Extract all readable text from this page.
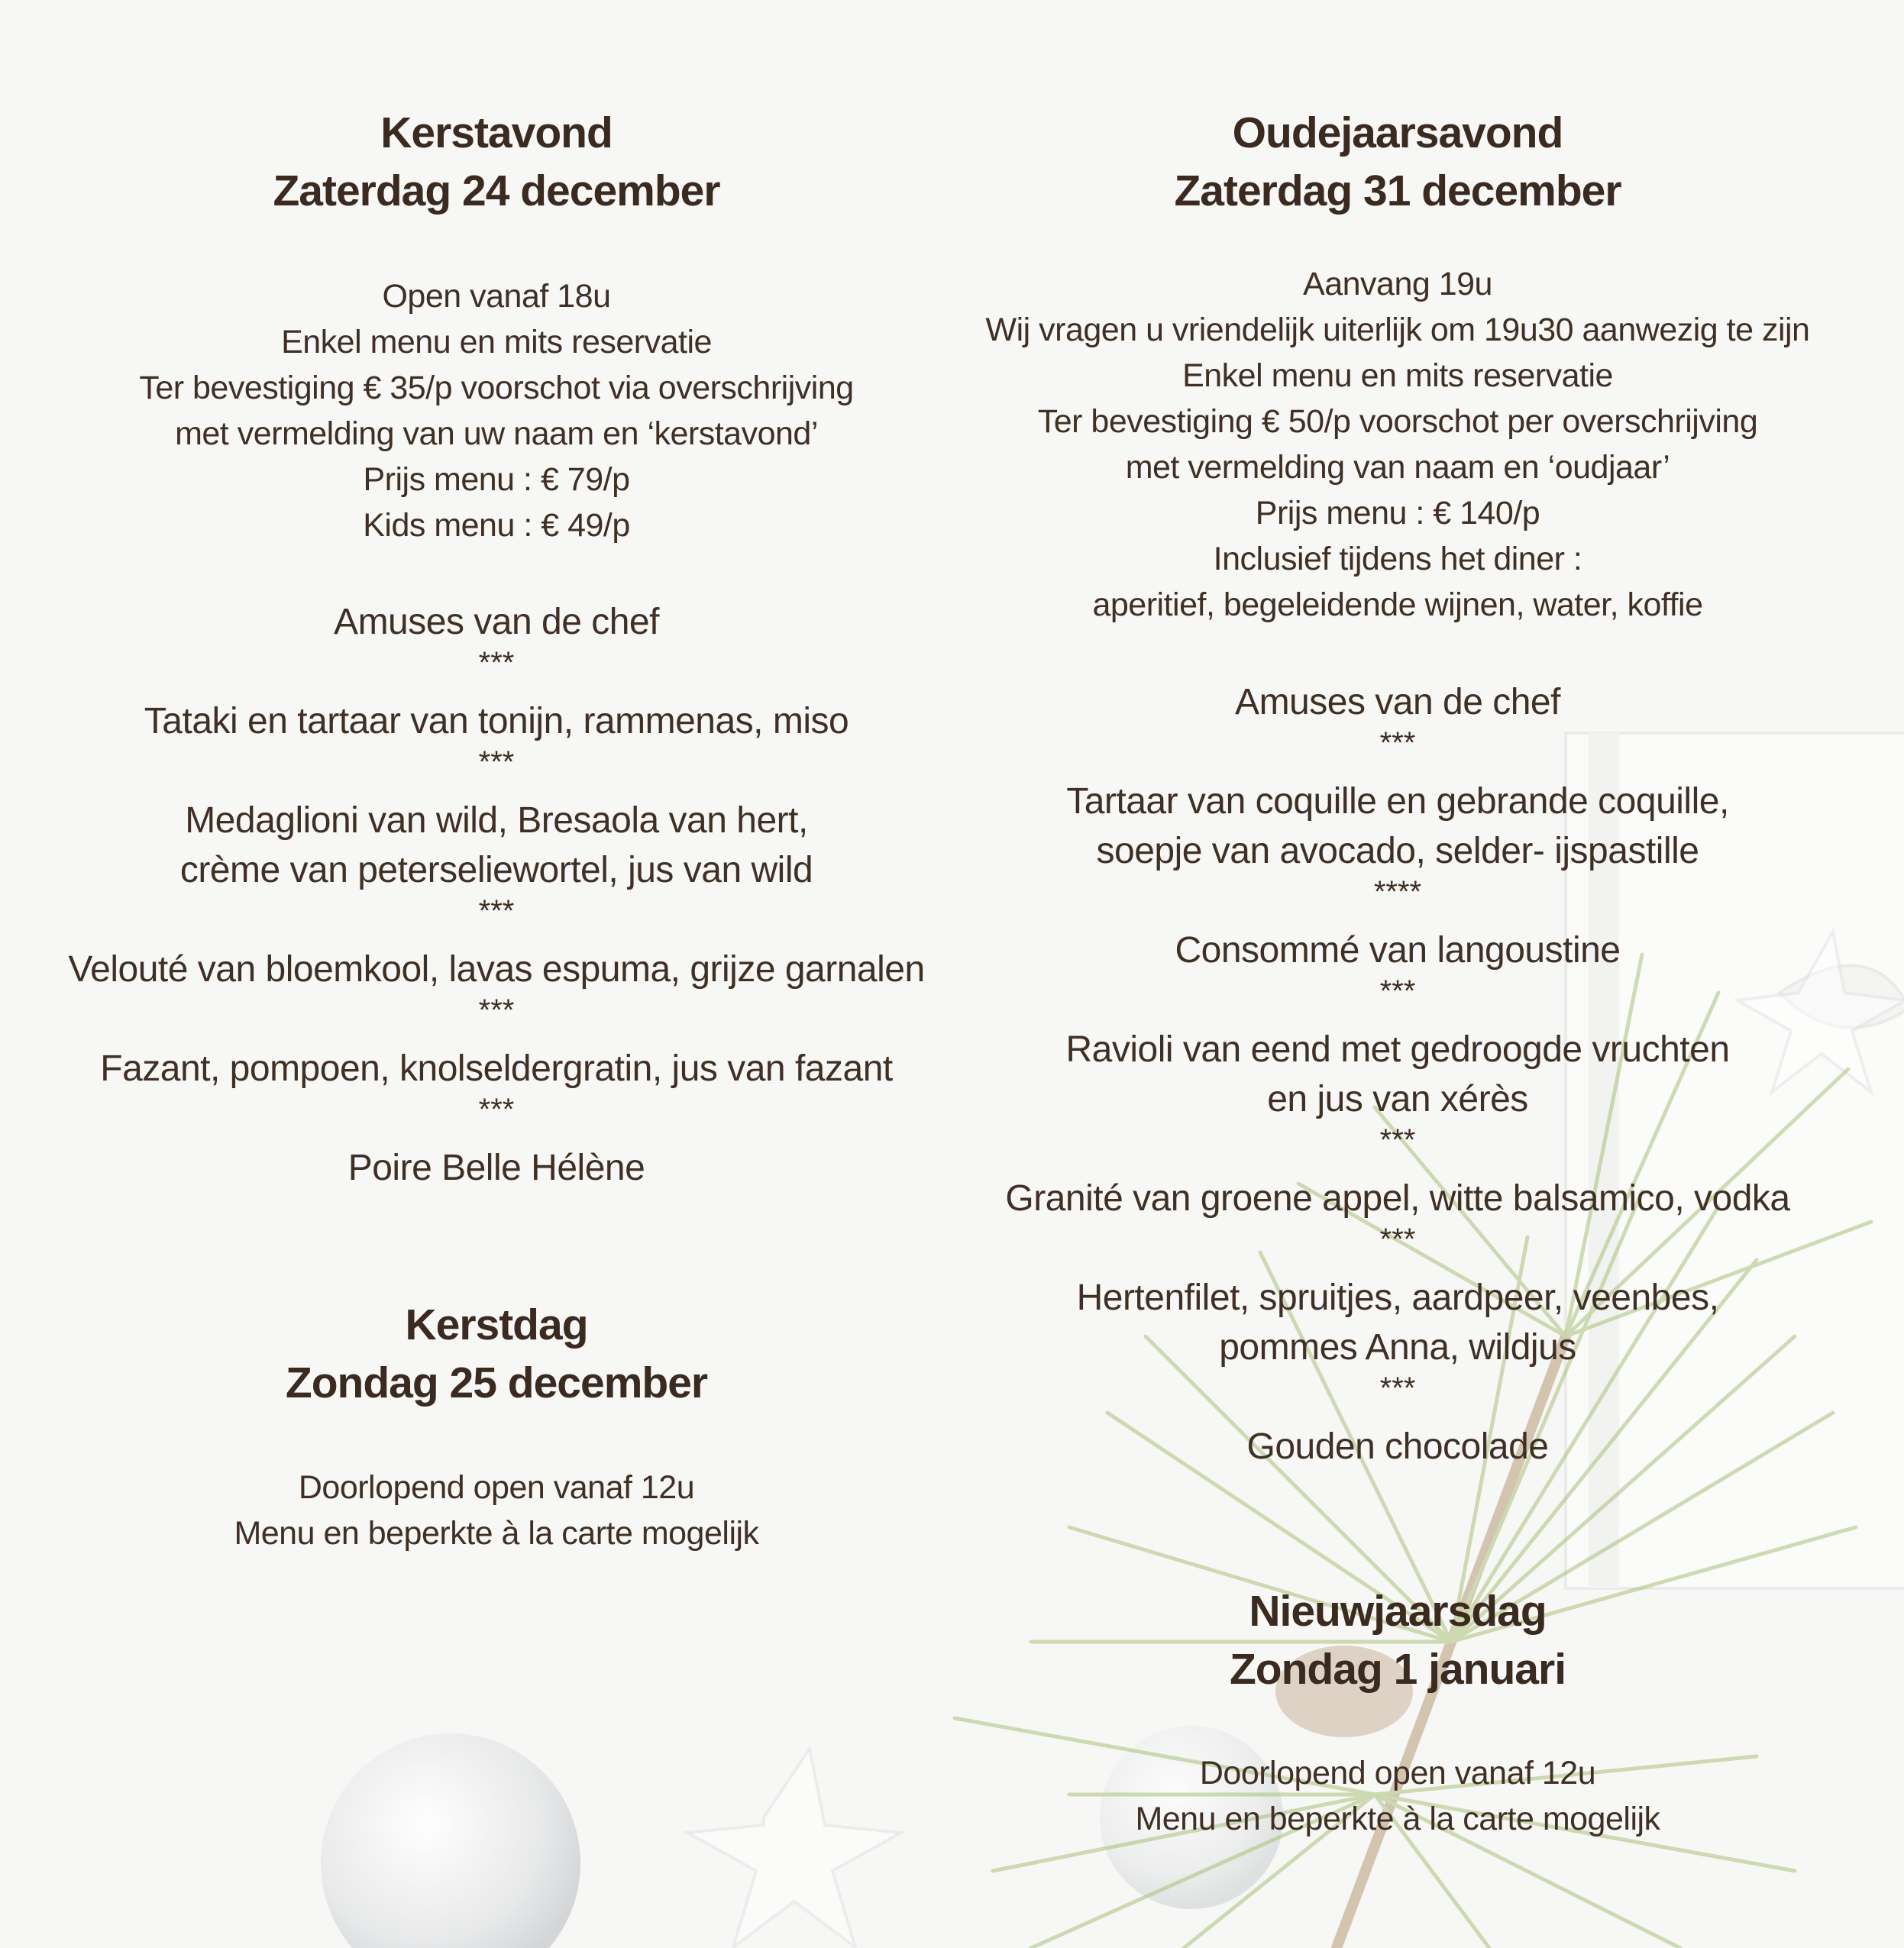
Kerstavond
Zaterdag 24 december
Open vanaf 18u
Enkel menu en mits reservatie
Ter bevestiging € 35/p voorschot via overschrijving
met vermelding van uw naam en ‘kerstavond’
Prijs menu : € 79/p
Kids menu : € 49/p
Amuses van de chef
***
Tataki en tartaar van tonijn, rammenas, miso
***
Medaglioni van wild, Bresaola van hert,
crème van peterseliewortel, jus van wild
***
Velouté van bloemkool, lavas espuma, grijze garnalen
***
Fazant, pompoen, knolseldergratin, jus van fazant
***
Poire Belle Hélène
Kerstdag
Zondag 25 december
Doorlopend open vanaf 12u
Menu en beperkte à la carte mogelijk
Oudejaarsavond
Zaterdag 31 december
Aanvang 19u
Wij vragen u vriendelijk uiterlijk om 19u30 aanwezig te zijn
Enkel menu en mits reservatie
Ter bevestiging € 50/p voorschot per overschrijving
met vermelding van naam en ‘oudjaar’
Prijs menu : € 140/p
Inclusief tijdens het diner :
aperitief, begeleidende wijnen, water, koffie
Amuses van de chef
***
Tartaar van coquille en gebrande coquille,
soepje van avocado, selder- ijspastille
****
Consommé van langoustine
***
Ravioli van eend met gedroogde vruchten
en jus van xérès
***
Granité van groene appel, witte balsamico, vodka
***
Hertenfilet, spruitjes, aardpeer, veenbes,
pommes Anna, wildjus
***
Gouden chocolade
Nieuwjaarsdag
Zondag 1 januari
Doorlopend open vanaf 12u
Menu en beperkte à la carte mogelijk
